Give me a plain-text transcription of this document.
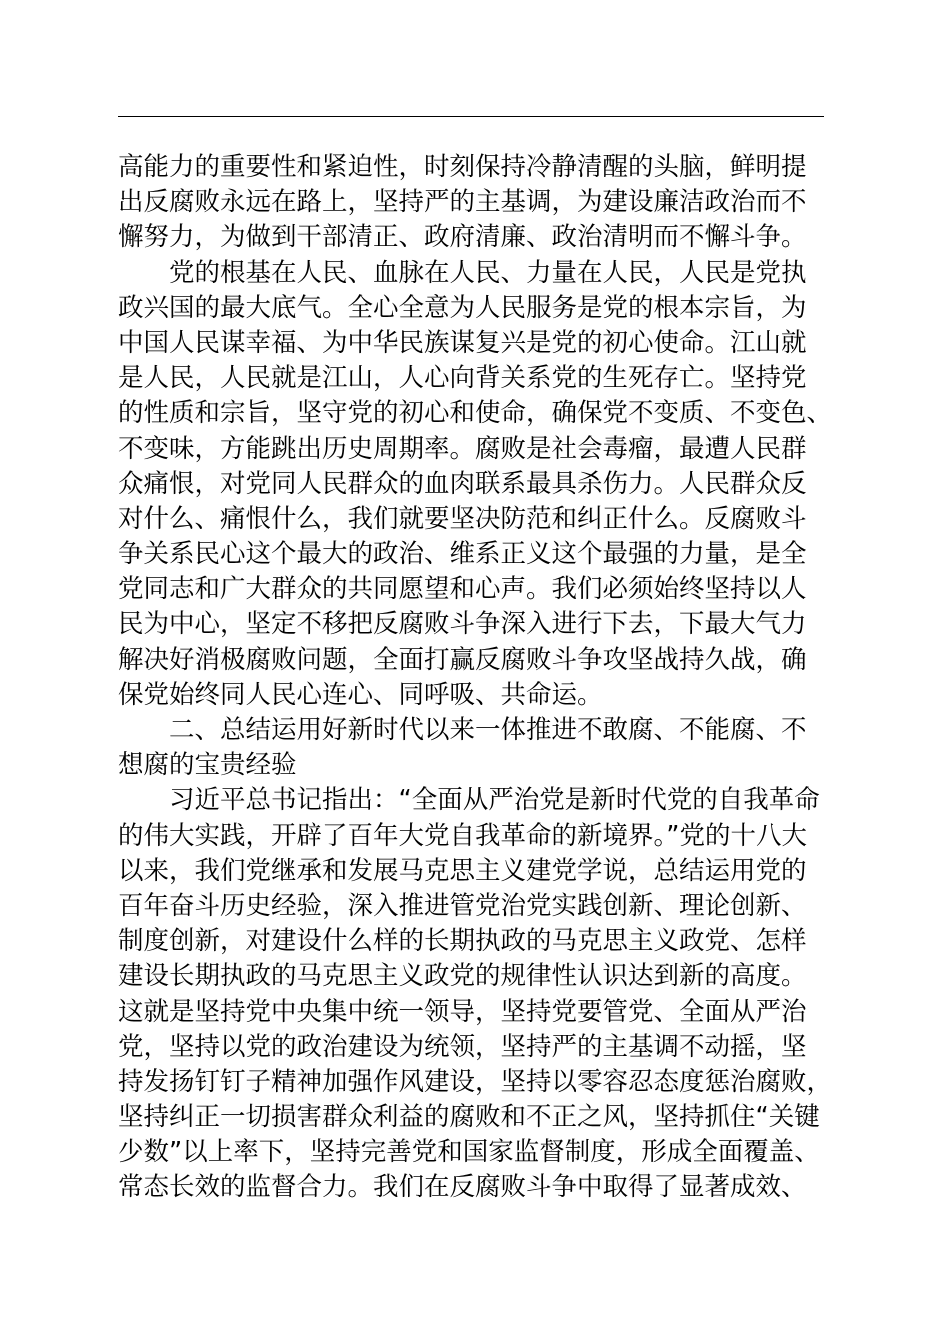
高能力的重要性和紧迫性，时刻保持冷静清醒的头脑，鲜明提
出反腐败永远在路上，坚持严的主基调，为建设廉洁政治而不
懈努力，为做到干部清正、政府清廉、政治清明而不懈斗争。
党的根基在人民、血脉在人民、力量在人民，人民是党执
政兴国的最大底气。全心全意为人民服务是党的根本宗旨，为
中国人民谋幸福、为中华民族谋复兴是党的初心使命。江山就
是人民，人民就是江山，人心向背关系党的生死存亡。坚持党
的性质和宗旨，坚守党的初心和使命，确保党不变质、不变色、
不变味，方能跳出历史周期率。腐败是社会毒瘤，最遭人民群
众痛恨，对党同人民群众的血肉联系最具杀伤力。人民群众反
对什么、痛恨什么，我们就要坚决防范和纠正什么。反腐败斗
争关系民心这个最大的政治、维系正义这个最强的力量，是全
党同志和广大群众的共同愿望和心声。我们必须始终坚持以人
民为中心，坚定不移把反腐败斗争深入进行下去，下最大气力
解决好消极腐败问题，全面打赢反腐败斗争攻坚战持久战，确
保党始终同人民心连心、同呼吸、共命运。
二、总结运用好新时代以来一体推进不敢腐、不能腐、不
想腐的宝贵经验
习近平总书记指出：“全面从严治党是新时代党的自我革命
的伟大实践，开辟了百年大党自我革命的新境界。”党的十八大
以来，我们党继承和发展马克思主义建党学说，总结运用党的
百年奋斗历史经验，深入推进管党治党实践创新、理论创新、
制度创新，对建设什么样的长期执政的马克思主义政党、怎样
建设长期执政的马克思主义政党的规律性认识达到新的高度。
这就是坚持党中央集中统一领导，坚持党要管党、全面从严治
党，坚持以党的政治建设为统领，坚持严的主基调不动摇，坚
持发扬钉钉子精神加强作风建设，坚持以零容忍态度惩治腐败，
坚持纠正一切损害群众利益的腐败和不正之风，坚持抓住“关键
少数”以上率下，坚持完善党和国家监督制度，形成全面覆盖、
常态长效的监督合力。我们在反腐败斗争中取得了显著成效、
